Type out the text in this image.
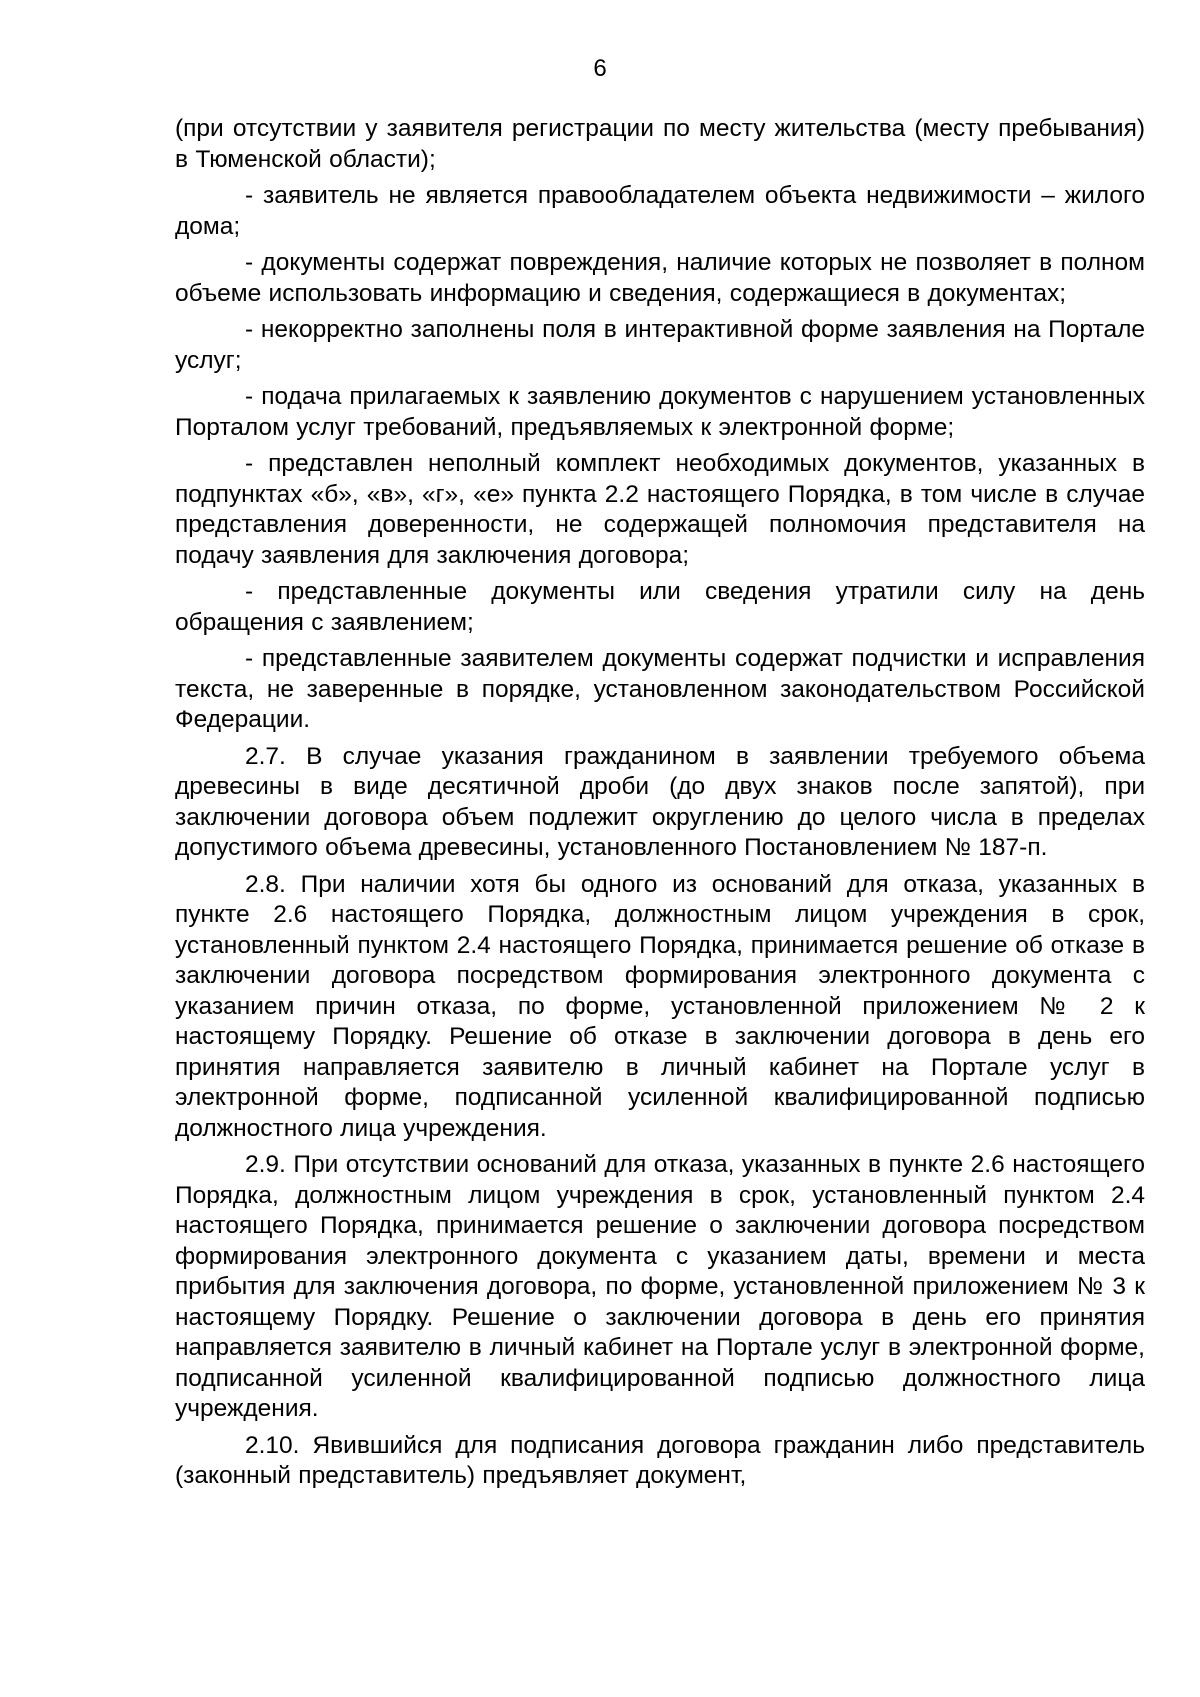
6

(при отсутствии у заявителя регистрации по месту жительства (месту пребывания) в Тюменской области);

- заявитель не является правообладателем объекта недвижимости – жилого дома;

- документы содержат повреждения, наличие которых не позволяет в полном объеме использовать информацию и сведения, содержащиеся в документах;

- некорректно заполнены поля в интерактивной форме заявления на Портале услуг;

- подача прилагаемых к заявлению документов с нарушением установленных Порталом услуг требований, предъявляемых к электронной форме;

- представлен неполный комплект необходимых документов, указанных в подпунктах «б», «в», «г», «е» пункта 2.2 настоящего Порядка, в том числе в случае представления доверенности, не содержащей полномочия представителя на подачу заявления для заключения договора;

- представленные документы или сведения утратили силу на день обращения с заявлением;

- представленные заявителем документы содержат подчистки и исправления текста, не заверенные в порядке, установленном законодательством Российской Федерации.

2.7. В случае указания гражданином в заявлении требуемого объема древесины в виде десятичной дроби (до двух знаков после запятой), при заключении договора объем подлежит округлению до целого числа в пределах допустимого объема древесины, установленного Постановлением № 187-п.

2.8. При наличии хотя бы одного из оснований для отказа, указанных в пункте 2.6 настоящего Порядка, должностным лицом учреждения в срок, установленный пунктом 2.4 настоящего Порядка, принимается решение об отказе в заключении договора посредством формирования электронного документа с указанием причин отказа, по форме, установленной приложением № 2 к настоящему Порядку. Решение об отказе в заключении договора в день его принятия направляется заявителю в личный кабинет на Портале услуг в электронной форме, подписанной усиленной квалифицированной подписью должностного лица учреждения.

2.9. При отсутствии оснований для отказа, указанных в пункте 2.6 настоящего Порядка, должностным лицом учреждения в срок, установленный пунктом 2.4 настоящего Порядка, принимается решение о заключении договора посредством формирования электронного документа с указанием даты, времени и места прибытия для заключения договора, по форме, установленной приложением № 3 к настоящему Порядку. Решение о заключении договора в день его принятия направляется заявителю в личный кабинет на Портале услуг в электронной форме, подписанной усиленной квалифицированной подписью должностного лица учреждения.

2.10. Явившийся для подписания договора гражданин либо представитель (законный представитель) предъявляет документ,
